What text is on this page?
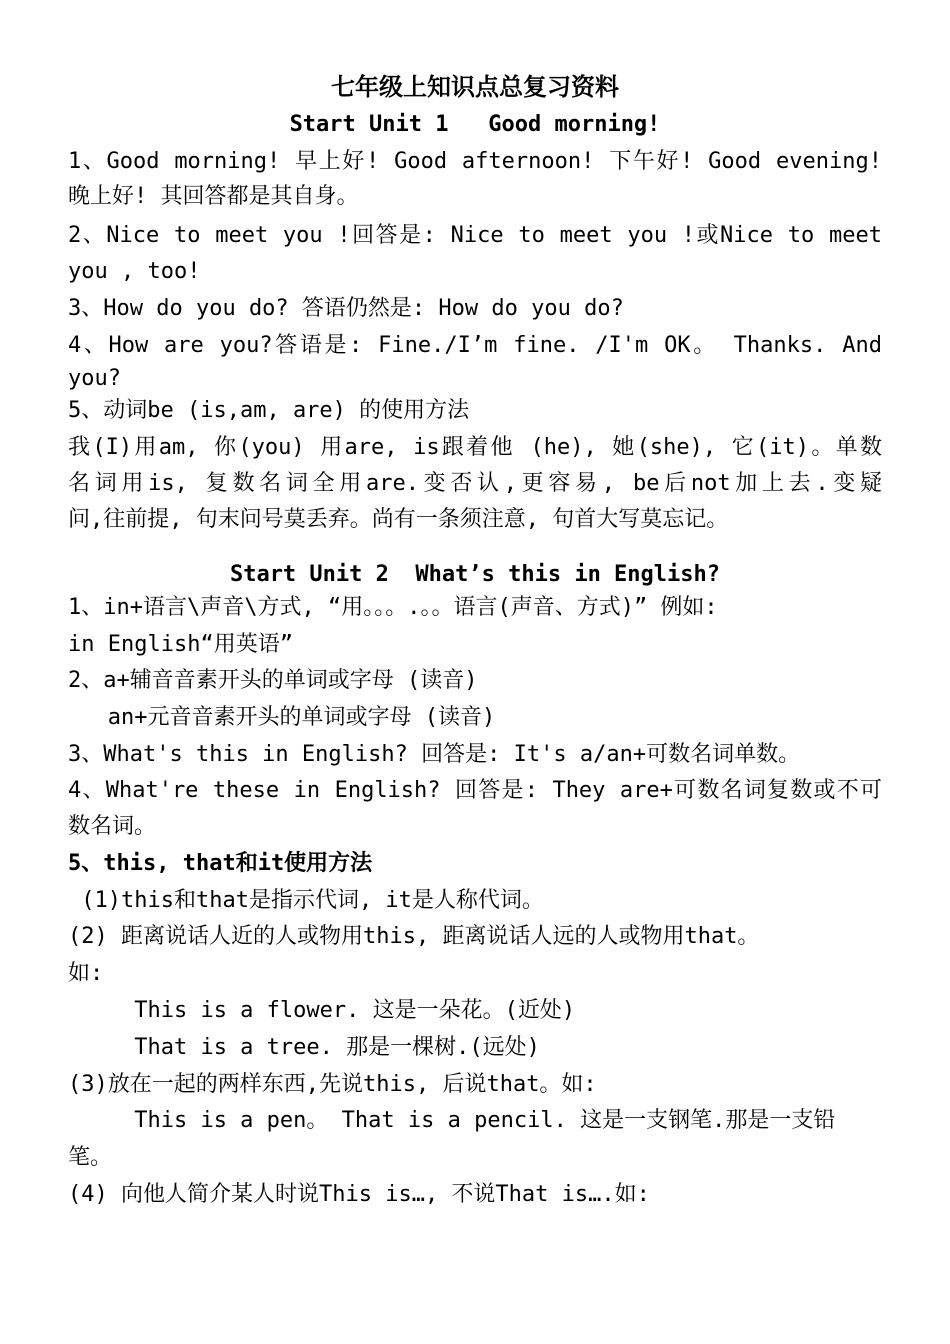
七年级上知识点总复习资料
Start Unit 1   Good morning!
1、Good morning! 早上好! Good afternoon! 下午好! Good evening!
晚上好! 其回答都是其自身。
2、Nice to meet you !回答是: Nice to meet you !或Nice to meet
you , too!
3、How do you do? 答语仍然是: How do you do?
4、How are you?答语是: Fine./I’m fine. /I'm OK。 Thanks. And
you?
5、动词be (is,am, are) 的使用方法
我(I)用am, 你(you) 用are, is跟着他 (he), 她(she), 它(it)。单数
名词用is, 复数名词全用are.变否认,更容易, be后not加上去.变疑
问,往前提, 句末问号莫丢弃。尚有一条须注意, 句首大写莫忘记。
Start Unit 2  What’s this in English?
1、in+语言\声音\方式, “用。。。.。。语言(声音、方式)” 例如:
in English“用英语”
2、a+辅音音素开头的单词或字母 (读音)
an+元音音素开头的单词或字母 (读音)
3、What's this in English? 回答是: It's a/an+可数名词单数。
4、What're these in English? 回答是: They are+可数名词复数或不可
数名词。
5、this, that和it使用方法
(1)this和that是指示代词, it是人称代词。
(2) 距离说话人近的人或物用this, 距离说话人远的人或物用that。
如:
This is a flower. 这是一朵花。(近处)
That is a tree. 那是一棵树.(远处)
(3)放在一起的两样东西,先说this, 后说that。如:
This is a pen。 That is a pencil. 这是一支钢笔.那是一支铅
笔。
(4) 向他人简介某人时说This is…, 不说That is….如:
